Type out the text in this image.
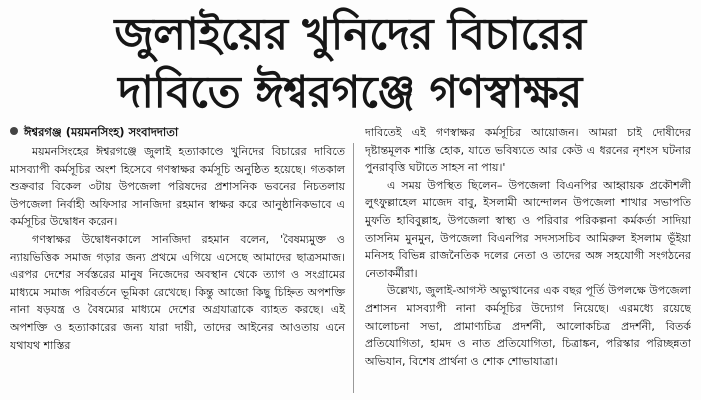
জুলাইয়ের খুনিদের বিচারের
দাবিতে ঈশ্বরগঞ্জে গণস্বাক্ষর
ঈশ্বরগঞ্জ (ময়মনসিংহ) সংবাদদাতা

ময়মনসিংহের ঈশ্বরগঞ্জে জুলাই হত্যাকাণ্ডে খুনিদের বিচারের দাবিতে মাসব্যাপী কর্মসূচির অংশ হিসেবে গণস্বাক্ষর কর্মসূচি অনুষ্ঠিত হয়েছে। গতকাল শুক্রবার বিকেল ৩টায় উপজেলা পরিষদের প্রশাসনিক ভবনের নিচতলায় উপজেলা নির্বাহী অফিসার সানজিদা রহমান স্বাক্ষর করে আনুষ্ঠানিকভাবে এ কর্মসূচির উদ্বোধন করেন।

গণস্বাক্ষর উদ্বোধনকালে সানজিদা রহমান বলেন, 'বৈষম্যমুক্ত ও ন্যায়ভিত্তিক সমাজ গড়ার জন্য প্রথমে এগিয়ে এসেছে আমাদের ছাত্রসমাজ। এরপর দেশের সর্বস্তরের মানুষ নিজেদের অবস্থান থেকে ত্যাগ ও সংগ্রামের মাধ্যমে সমাজ পরিবর্তনে ভূমিকা রেখেছে। কিন্তু আজো কিছু চিহ্নিত অপশক্তি নানা ষড়যন্ত্র ও বৈষম্যের মাধ্যমে দেশের অগ্রযাত্রাকে ব্যাহত করছে। এই অপশক্তি ও হত্যাকারের জন্য যারা দায়ী, তাদের আইনের আওতায় এনে যথাযথ শাস্তির

দাবিতেই এই গণস্বাক্ষর কর্মসূচির আয়োজন। আমরা চাই দোষীদের দৃষ্টান্তমূলক শাস্তি হোক, যাতে ভবিষ্যতে আর কেউ এ ধরনের নৃশংস ঘটনার পুনরাবৃত্তি ঘটাতে সাহস না পায়।'

এ সময় উপস্থিত ছিলেন– উপজেলা বিএনপির আহ্বায়ক প্রকৌশলী লুৎফুল্লাহেল মাজেদ বাবু, ইসলামী আন্দোলন উপজেলা শাখার সভাপতি মুফতি হাবিবুল্লাহ, উপজেলা স্বাস্থ্য ও পরিবার পরিকল্পনা কর্মকর্তা সাদিয়া তাসনিম মুনমুন, উপজেলা বিএনপির সদস্যসচিব আমিরুল ইসলাম ভূঁইয়া মনিসহ বিভিন্ন রাজনৈতিক দলের নেতা ও তাদের অঙ্গ সহযোগী সংগঠনের নেতাকর্মীরা।

উল্লেখ্য, জুলাই-আগস্ট অভ্যুত্থানের এক বছর পূর্তি উপলক্ষে উপজেলা প্রশাসন মাসব্যাপী নানা কর্মসূচির উদ্যোগ নিয়েছে। এরমধ্যে রয়েছে আলোচনা সভা, প্রামাণ্যচিত্র প্রদর্শনী, আলোকচিত্র প্রদর্শনী, বিতর্ক প্রতিযোগিতা, হামদ ও নাত প্রতিযোগিতা, চিত্রাঙ্কন, পরিস্কার পরিচ্ছন্নতা অভিযান, বিশেষ প্রার্থনা ও শোক শোভাযাত্রা।
